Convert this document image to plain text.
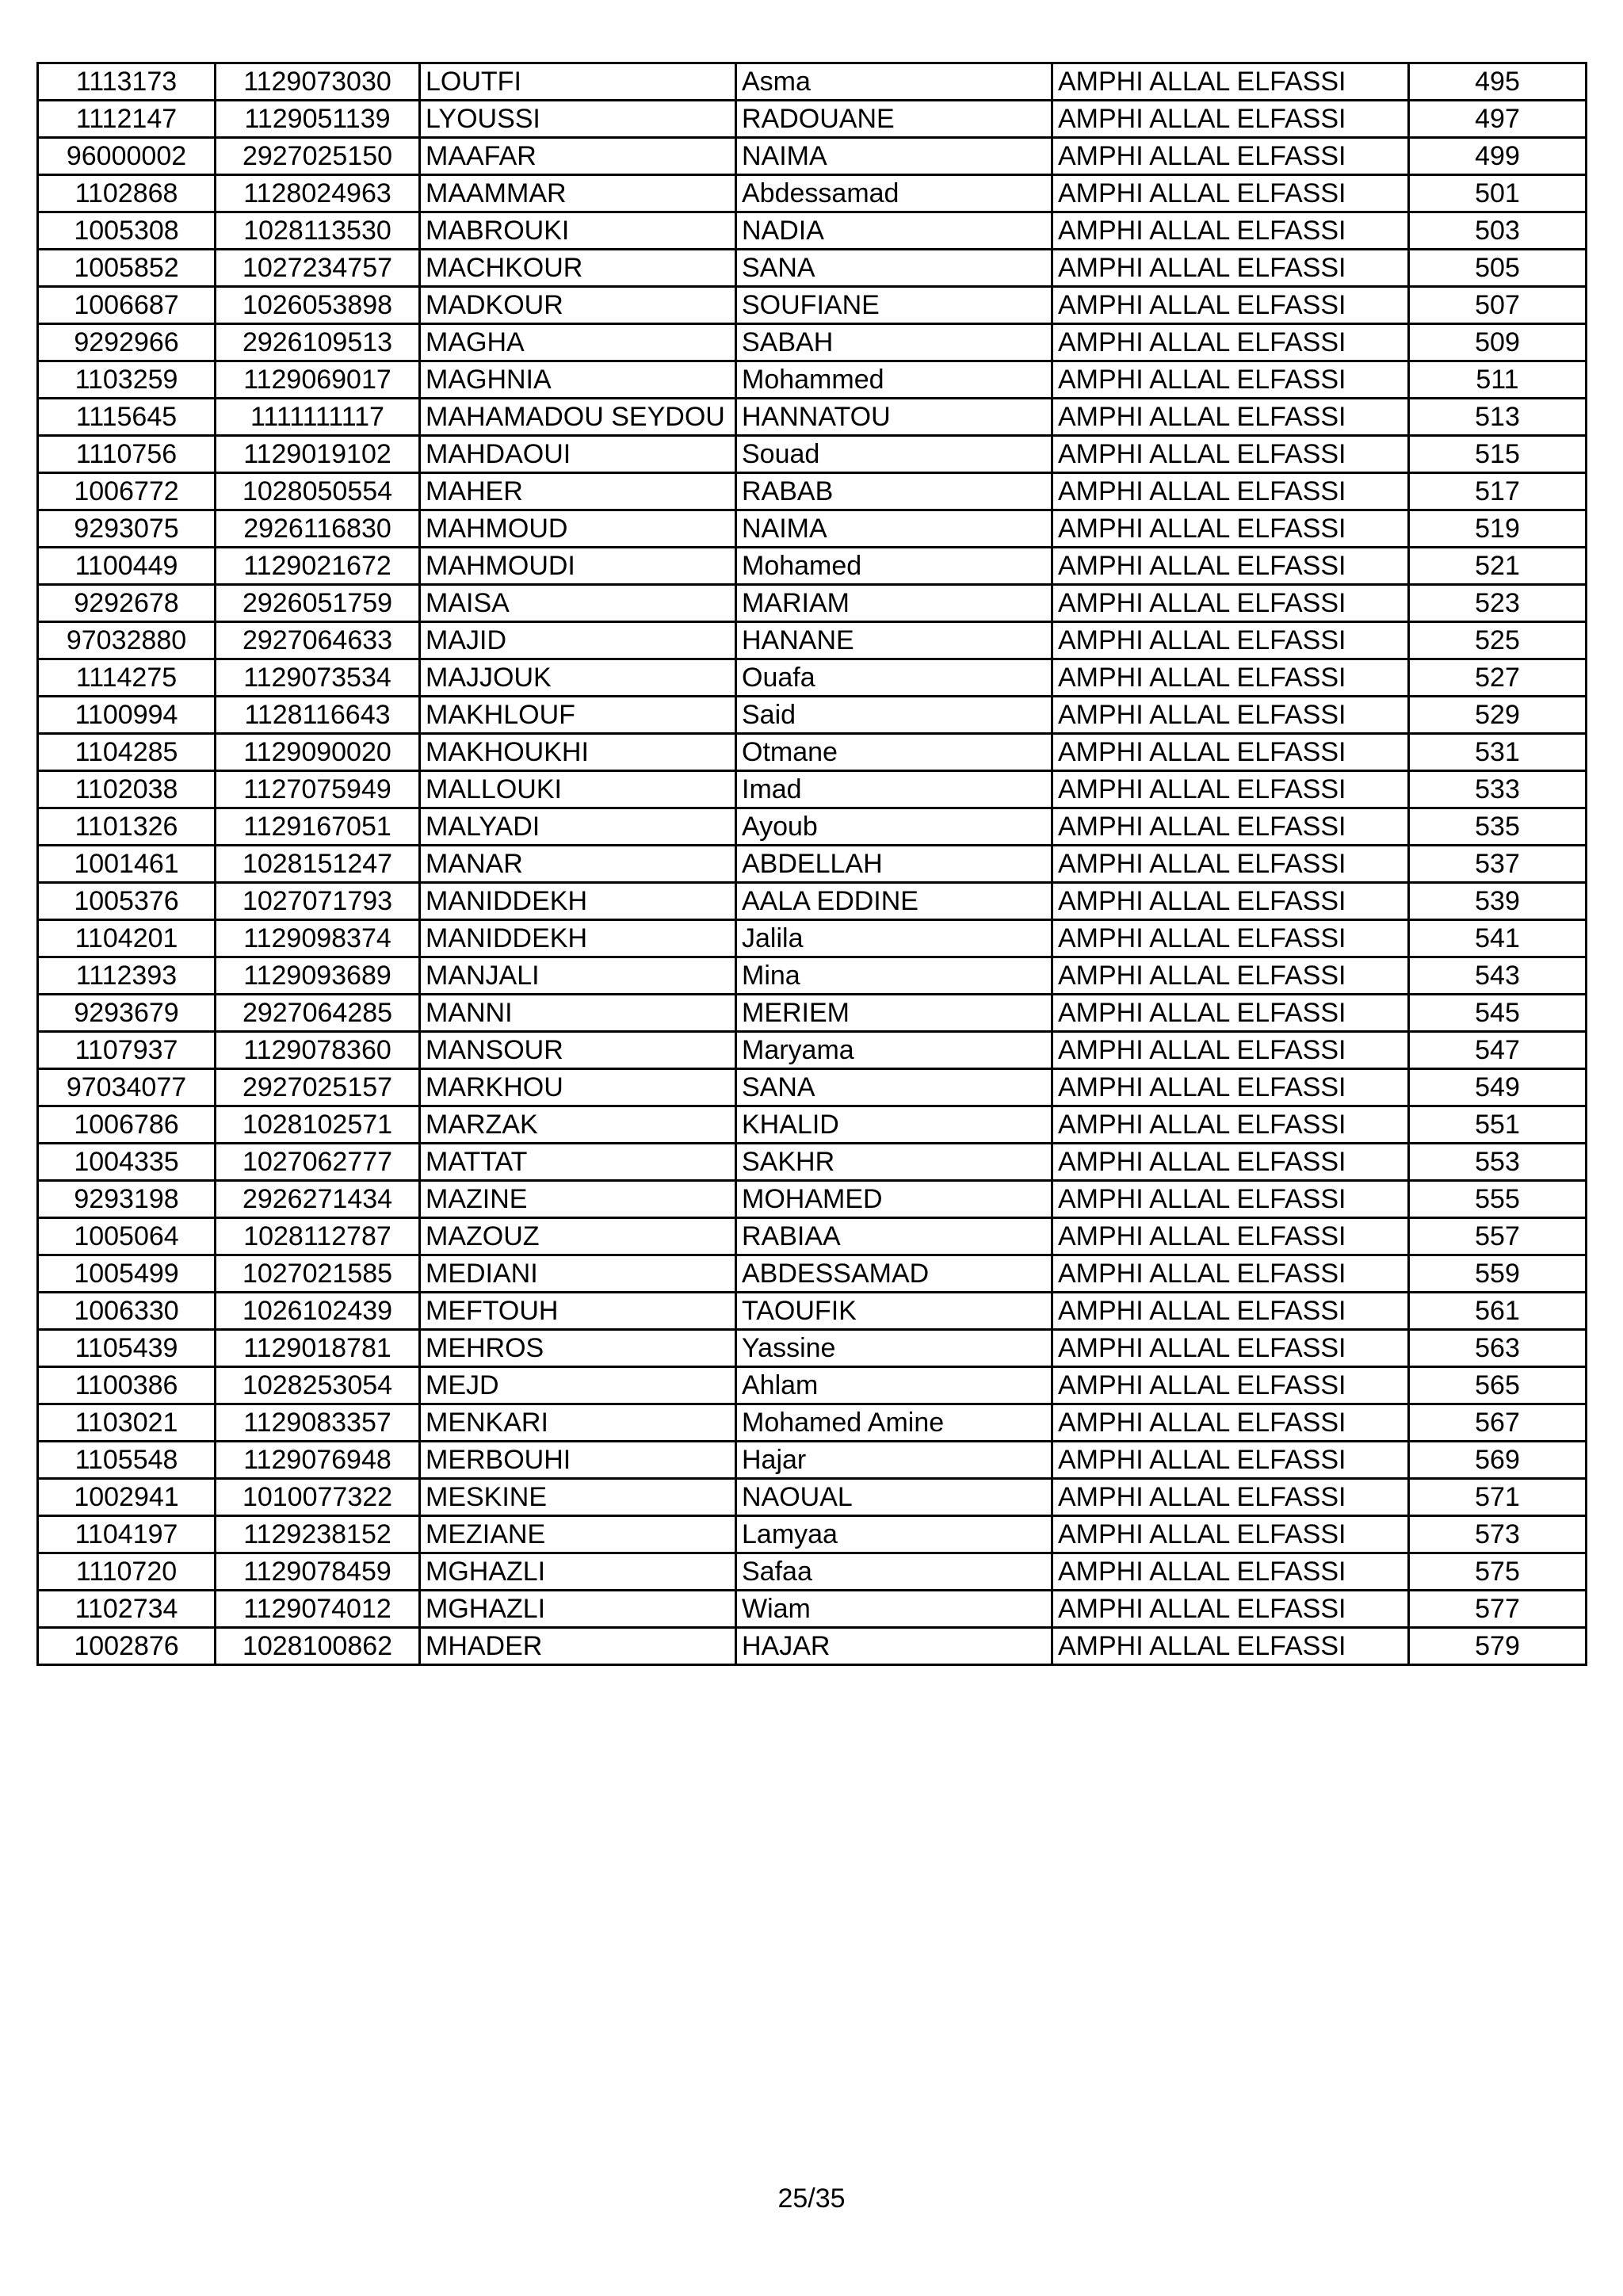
1113173	1129073030	LOUTFI	Asma	AMPHI ALLAL ELFASSI	495
1112147	1129051139	LYOUSSI	RADOUANE	AMPHI ALLAL ELFASSI	497
96000002	2927025150	MAAFAR	NAIMA	AMPHI ALLAL ELFASSI	499
1102868	1128024963	MAAMMAR	Abdessamad	AMPHI ALLAL ELFASSI	501
1005308	1028113530	MABROUKI	NADIA	AMPHI ALLAL ELFASSI	503
1005852	1027234757	MACHKOUR	SANA	AMPHI ALLAL ELFASSI	505
1006687	1026053898	MADKOUR	SOUFIANE	AMPHI ALLAL ELFASSI	507
9292966	2926109513	MAGHA	SABAH	AMPHI ALLAL ELFASSI	509
1103259	1129069017	MAGHNIA	Mohammed	AMPHI ALLAL ELFASSI	511
1115645	1111111117	MAHAMADOU SEYDOU	HANNATOU	AMPHI ALLAL ELFASSI	513
1110756	1129019102	MAHDAOUI	Souad	AMPHI ALLAL ELFASSI	515
1006772	1028050554	MAHER	RABAB	AMPHI ALLAL ELFASSI	517
9293075	2926116830	MAHMOUD	NAIMA	AMPHI ALLAL ELFASSI	519
1100449	1129021672	MAHMOUDI	Mohamed	AMPHI ALLAL ELFASSI	521
9292678	2926051759	MAISA	MARIAM	AMPHI ALLAL ELFASSI	523
97032880	2927064633	MAJID	HANANE	AMPHI ALLAL ELFASSI	525
1114275	1129073534	MAJJOUK	Ouafa	AMPHI ALLAL ELFASSI	527
1100994	1128116643	MAKHLOUF	Said	AMPHI ALLAL ELFASSI	529
1104285	1129090020	MAKHOUKHI	Otmane	AMPHI ALLAL ELFASSI	531
1102038	1127075949	MALLOUKI	Imad	AMPHI ALLAL ELFASSI	533
1101326	1129167051	MALYADI	Ayoub	AMPHI ALLAL ELFASSI	535
1001461	1028151247	MANAR	ABDELLAH	AMPHI ALLAL ELFASSI	537
1005376	1027071793	MANIDDEKH	AALA EDDINE	AMPHI ALLAL ELFASSI	539
1104201	1129098374	MANIDDEKH	Jalila	AMPHI ALLAL ELFASSI	541
1112393	1129093689	MANJALI	Mina	AMPHI ALLAL ELFASSI	543
9293679	2927064285	MANNI	MERIEM	AMPHI ALLAL ELFASSI	545
1107937	1129078360	MANSOUR	Maryama	AMPHI ALLAL ELFASSI	547
97034077	2927025157	MARKHOU	SANA	AMPHI ALLAL ELFASSI	549
1006786	1028102571	MARZAK	KHALID	AMPHI ALLAL ELFASSI	551
1004335	1027062777	MATTAT	SAKHR	AMPHI ALLAL ELFASSI	553
9293198	2926271434	MAZINE	MOHAMED	AMPHI ALLAL ELFASSI	555
1005064	1028112787	MAZOUZ	RABIAA	AMPHI ALLAL ELFASSI	557
1005499	1027021585	MEDIANI	ABDESSAMAD	AMPHI ALLAL ELFASSI	559
1006330	1026102439	MEFTOUH	TAOUFIK	AMPHI ALLAL ELFASSI	561
1105439	1129018781	MEHROS	Yassine	AMPHI ALLAL ELFASSI	563
1100386	1028253054	MEJD	Ahlam	AMPHI ALLAL ELFASSI	565
1103021	1129083357	MENKARI	Mohamed Amine	AMPHI ALLAL ELFASSI	567
1105548	1129076948	MERBOUHI	Hajar	AMPHI ALLAL ELFASSI	569
1002941	1010077322	MESKINE	NAOUAL	AMPHI ALLAL ELFASSI	571
1104197	1129238152	MEZIANE	Lamyaa	AMPHI ALLAL ELFASSI	573
1110720	1129078459	MGHAZLI	Safaa	AMPHI ALLAL ELFASSI	575
1102734	1129074012	MGHAZLI	Wiam	AMPHI ALLAL ELFASSI	577
1002876	1028100862	MHADER	HAJAR	AMPHI ALLAL ELFASSI	579
25/35
